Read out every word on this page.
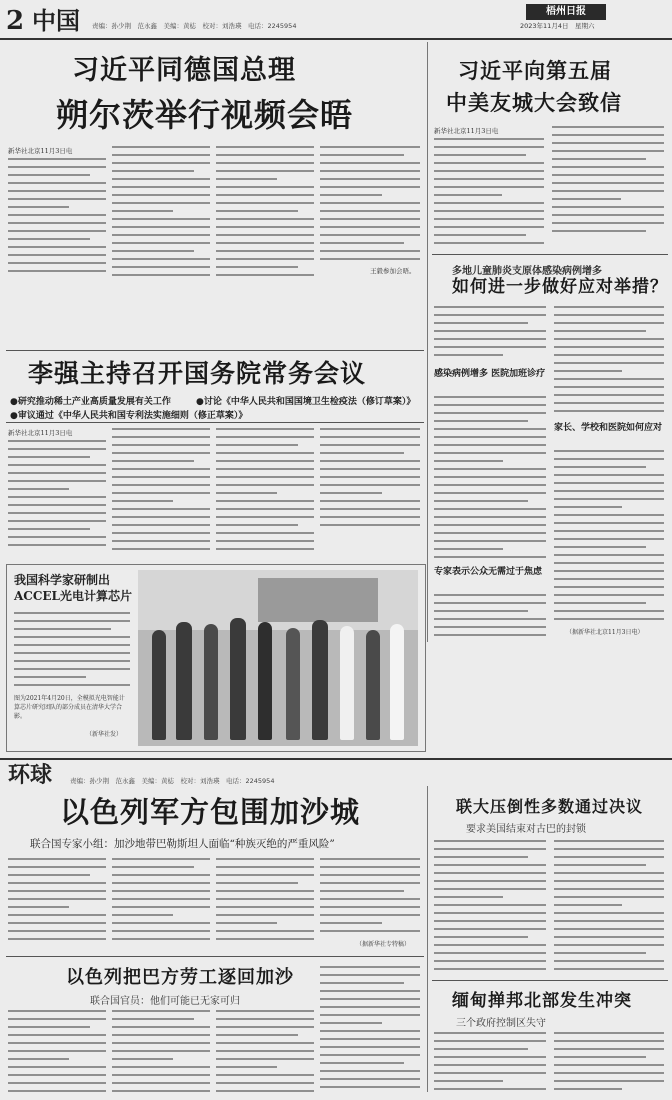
2 中国 责编：孙少荆　范永鑫　美编：黄梽　校对：刘浩瑛　电话：2245954
梧州日报
2023年11月4日　星期六
习近平同德国总理
朔尔茨举行视频会晤
新华社北京11月3日电
王毅参加会晤。
习近平向第五届
中美友城大会致信
新华社北京11月3日电
多地儿童肺炎支原体感染病例增多
如何进一步做好应对举措？
感染病例增多 医院加班诊疗
专家表示公众无需过于焦虑
家长、学校和医院如何应对
（据新华社北京11月3日电）
李强主持召开国务院常务会议
●研究推动稀土产业高质量发展有关工作	●讨论《中华人民共和国国境卫生检疫法（修订草案）》
●审议通过《中华人民共和国专利法实施细则（修正草案）》
新华社北京11月3日电
我国科学家研制出
ACCEL光电计算芯片
图为2021年4月20日，全模拟光电智能计算芯片研究团队的部分成员在清华大学合影。
（新华社发）
环球	责编：孙少荆　范永鑫　美编：黄梽　校对：刘浩瑛　电话：2245954
以色列军方包围加沙城
联合国专家小组：加沙地带巴勒斯坦人面临“种族灭绝的严重风险”
（据新华社专特稿）
联大压倒性多数通过决议
要求美国结束对古巴的封锁
以色列把巴方劳工逐回加沙
联合国官员：他们可能已无家可归	缅甸掸邦北部发生冲突
三个政府控制区失守
